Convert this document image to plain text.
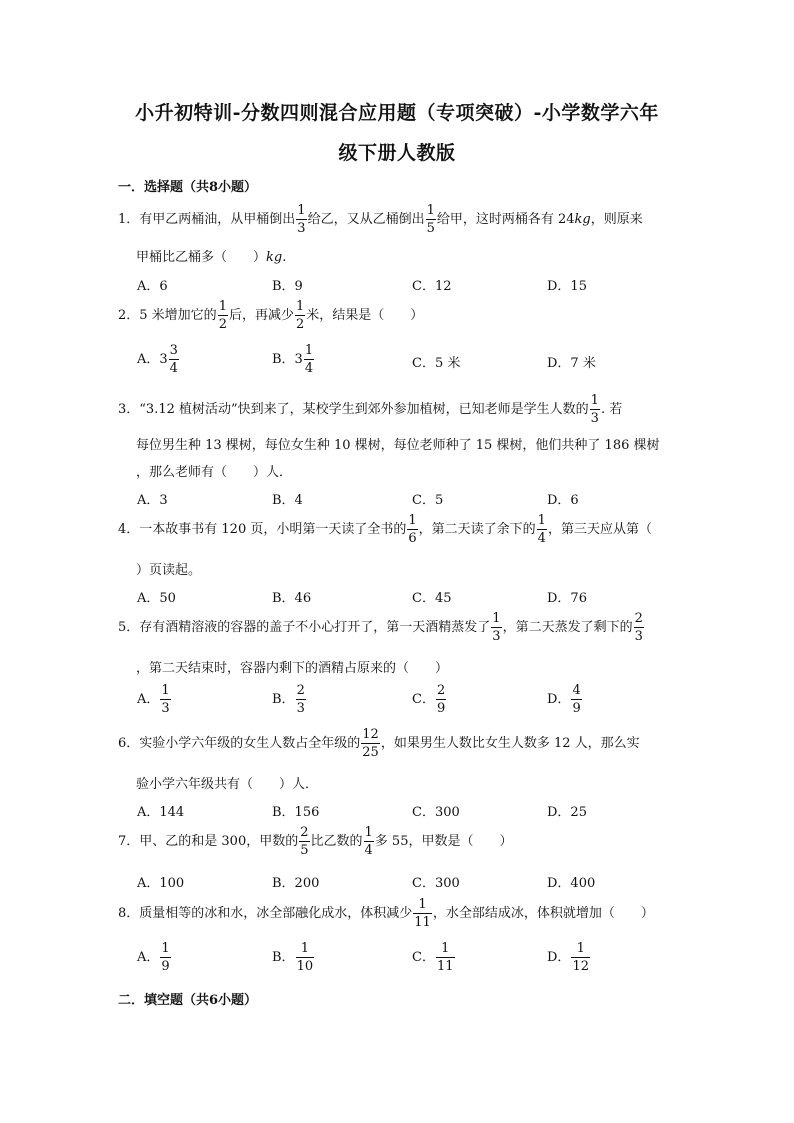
小升初特训-分数四则混合应用题（专项突破）-小学数学六年
级下册人教版
一．选择题（共8小题）
1．有甲乙两桶油，从甲桶倒出 $\frac{1}{3}$ 给乙，又从乙桶倒出 $\frac{1}{5}$ 给甲，这时两桶各有 24kg，则原来
甲桶比乙桶多（　　）kg.
A．6	B．9	C．12	D．15
2．5 米增加它的 $\frac{1}{2}$ 后，再减少 $\frac{1}{2}$ 米，结果是（　　）
A．$3 \frac{3}{4}$	B．$3 \frac{1}{4}$	C．5 米	D．7 米
3．“3.12 植树活动”快到来了，某校学生到郊外参加植树，已知老师是学生人数的 $\frac{1}{3}$ . 若
每位男生种 13 棵树，每位女生种 10 棵树，每位老师种了 15 棵树，他们共种了 186 棵树
，那么老师有（　　）人．
A．3	B．4	C．5	D．6
4．一本故事书有 120 页，小明第一天读了全书的 $\frac{1}{6}$ ，第二天读了余下的 $\frac{1}{4}$ ，第三天应从第（
）页读起。
A．50	B．46	C．45	D．76
5．存有酒精溶液的容器的盖子不小心打开了，第一天酒精蒸发了 $\frac{1}{3}$ ，第二天蒸发了剩下的 $\frac{2}{3}$
，第二天结束时，容器内剩下的酒精占原来的（　　）
A． $\frac{1}{3}$	B． $\frac{2}{3}$	C． $\frac{2}{9}$	D． $\frac{4}{9}$
6．实验小学六年级的女生人数占全年级的 $\frac{12}{25}$ ，如果男生人数比女生人数多 12 人，那么实
验小学六年级共有（　　）人．
A．144	B．156	C．300	D．25
7．甲、乙的和是 300，甲数的 $\frac{2}{5}$ 比乙数的 $\frac{1}{4}$ 多 55，甲数是（　　）
A．100	B．200	C．300	D．400
8．质量相等的冰和水，冰全部融化成水，体积减少 $\frac{1}{11}$ ，水全部结成冰，体积就增加（　　）
A． $\frac{1}{9}$	B． $\frac{1}{10}$	C． $\frac{1}{11}$	D． $\frac{1}{12}$
二．填空题（共6小题）
